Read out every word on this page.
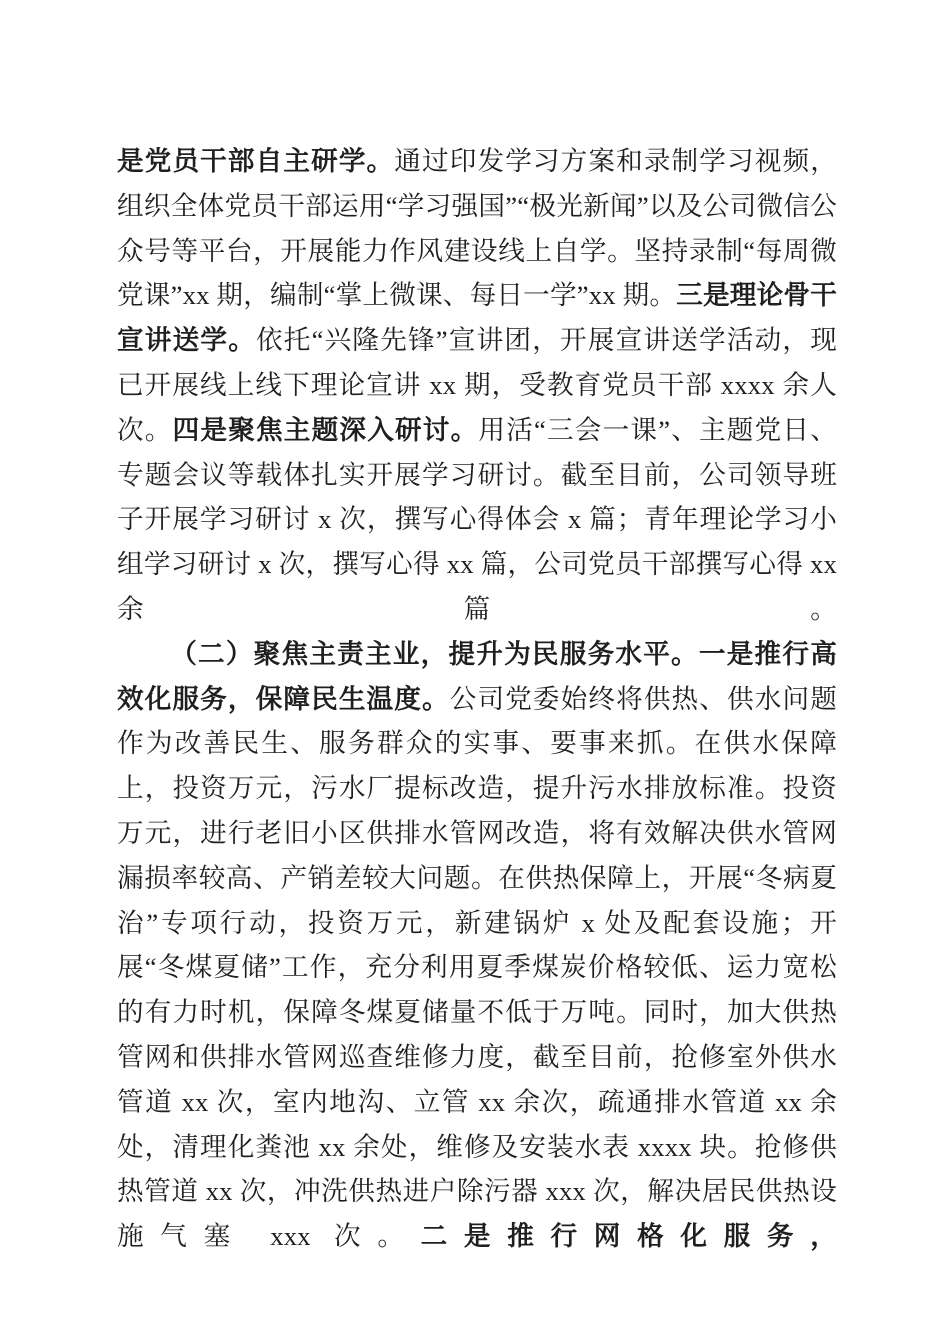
是党员干部自主研学。通过印发学习方案和录制学习视频，组织全体党员干部运用“学习强国”“极光新闻”以及公司微信公众号等平台，开展能力作风建设线上自学。坚持录制“每周微党课”xx 期，编制“掌上微课、每日一学”xx 期。三是理论骨干宣讲送学。依托“兴隆先锋”宣讲团，开展宣讲送学活动，现已开展线上线下理论宣讲 xx 期，受教育党员干部 xxxx 余人次。四是聚焦主题深入研讨。用活“三会一课”、主题党日、专题会议等载体扎实开展学习研讨。截至目前，公司领导班子开展学习研讨 x 次，撰写心得体会 x 篇；青年理论学习小组学习研讨 x 次，撰写心得 xx 篇，公司党员干部撰写心得 xx 余篇。

（二）聚焦主责主业，提升为民服务水平。一是推行高效化服务，保障民生温度。公司党委始终将供热、供水问题作为改善民生、服务群众的实事、要事来抓。在供水保障上，投资万元，污水厂提标改造，提升污水排放标准。投资万元，进行老旧小区供排水管网改造，将有效解决供水管网漏损率较高、产销差较大问题。在供热保障上，开展“冬病夏治”专项行动，投资万元，新建锅炉 x 处及配套设施；开展“冬煤夏储”工作，充分利用夏季煤炭价格较低、运力宽松的有力时机，保障冬煤夏储量不低于万吨。同时，加大供热管网和供排水管网巡查维修力度，截至目前，抢修室外供水管道 xx 次，室内地沟、立管 xx 余次，疏通排水管道 xx 余处，清理化粪池 xx 余处，维修及安装水表 xxxx 块。抢修供热管道 xx 次，冲洗供热进户除污器 xxx 次，解决居民供热设施气塞 xxx 次。二是推行网格化服务，
